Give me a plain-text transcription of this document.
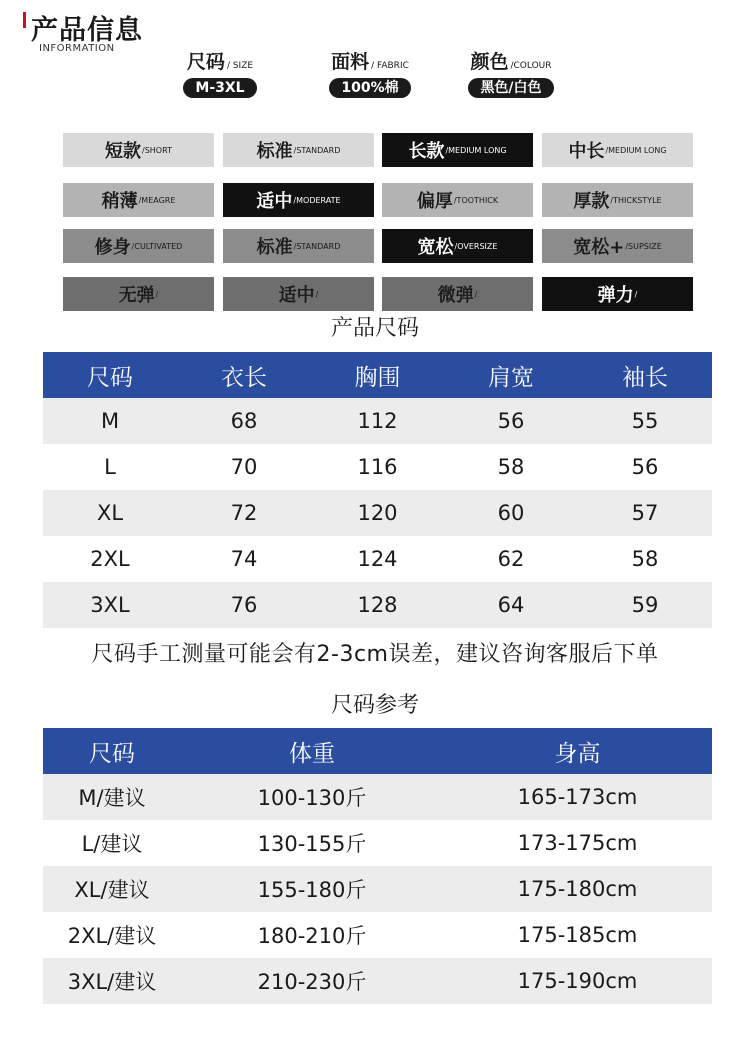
产品信息
INFORMATION
尺码 / SIZE
M-3XL
面料 / FABRIC
100%棉
颜色 /COLOUR
黑色/白色
短款 /SHORT	标准 /STANDARD	长款 /MEDIUM LONG	中长 /MEDIUM LONG
稍薄 /MEAGRE	适中 /MODERATE	偏厚 /TOOTHICK	厚款 /THICKSTYLE
修身 /CULTIVATED	标准 /STANDARD	宽松 /OVERSIZE	宽松+ /SUPSIZE
无弹 /	适中 /	微弹 /	弹力 /
产品尺码
尺码	衣长	胸围	肩宽	袖长
M	68	112	56	55
L	70	116	58	56
XL	72	120	60	57
2XL	74	124	62	58
3XL	76	128	64	59
尺码手工测量可能会有2-3cm误差，建议咨询客服后下单
尺码参考
尺码	体重	身高
M/建议	100-130斤	165-173cm
L/建议	130-155斤	173-175cm
XL/建议	155-180斤	175-180cm
2XL/建议	180-210斤	175-185cm
3XL/建议	210-230斤	175-190cm
